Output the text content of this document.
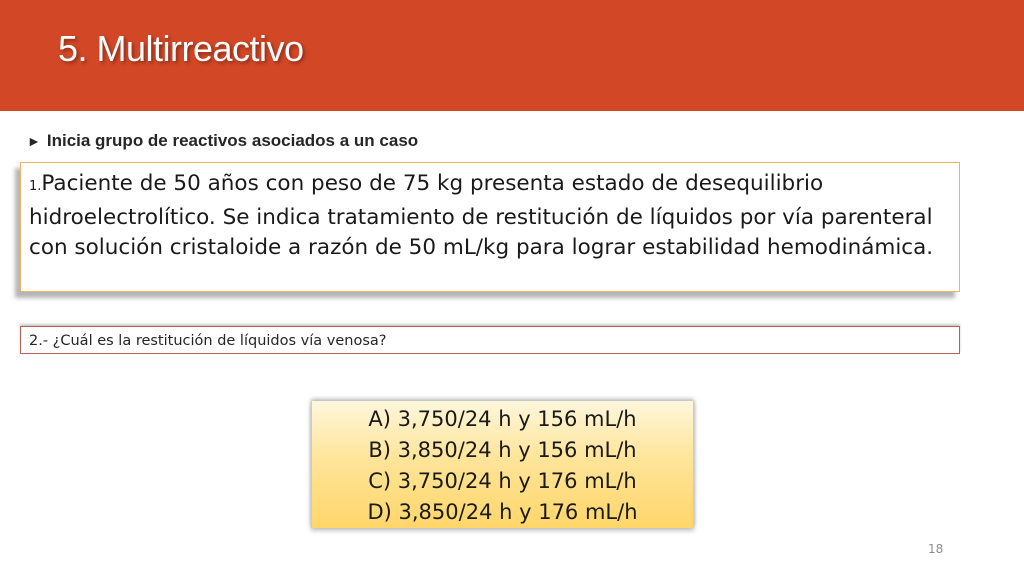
5. Multirreactivo
► Inicia grupo de reactivos asociados a un caso
1.Paciente de 50 años con peso de 75 kg presenta estado de desequilibrio hidroelectrolítico. Se indica tratamiento de restitución de líquidos por vía parenteral con solución cristaloide a razón de 50 mL/kg para lograr estabilidad hemodinámica.
2.- ¿Cuál es la restitución de líquidos vía venosa?
A) 3,750/24 h y 156 mL/h
B) 3,850/24 h y 156 mL/h
C) 3,750/24 h y 176 mL/h
D) 3,850/24 h y 176 mL/h
18
